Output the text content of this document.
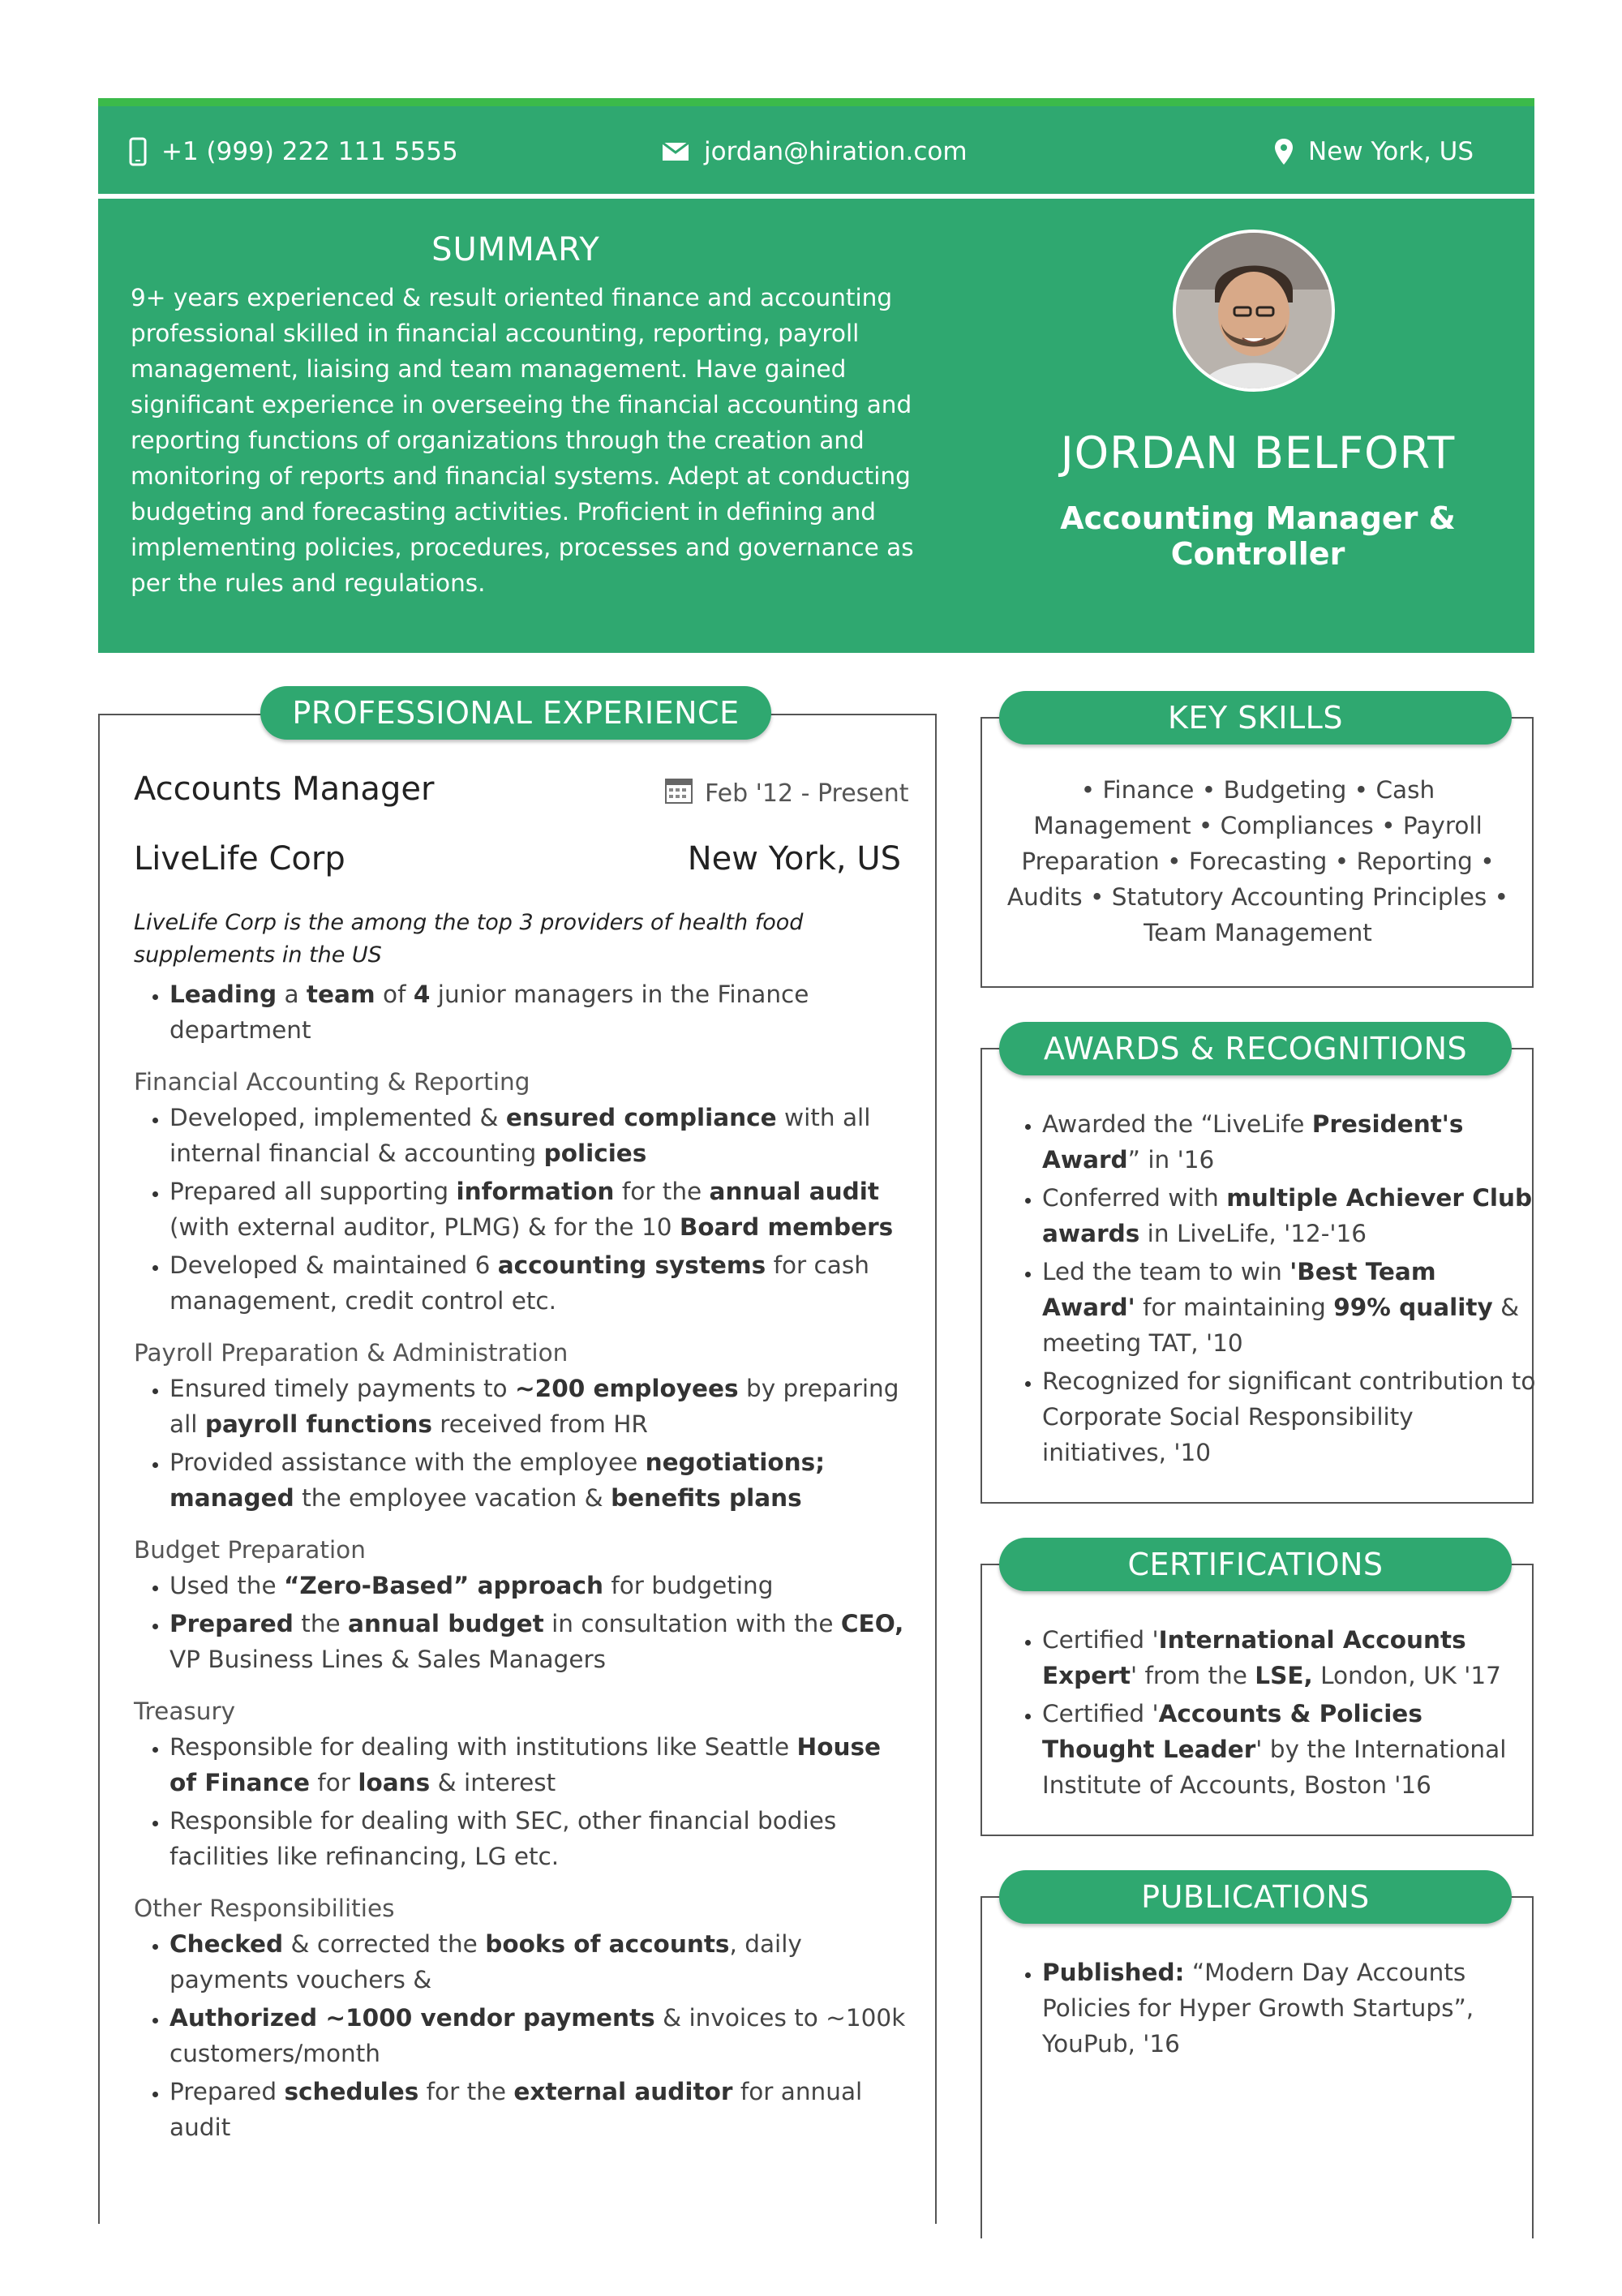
+1 (999) 222 111 5555	jordan@hiration.com	New York, US
SUMMARY
9+ years experienced & result oriented finance and accounting professional skilled in financial accounting, reporting, payroll management, liaising and team management. Have gained significant experience in overseeing the financial accounting and reporting functions of organizations through the creation and monitoring of reports and financial systems. Adept at conducting budgeting and forecasting activities. Proficient in defining and implementing policies, procedures, processes and governance as per the rules and regulations.
JORDAN BELFORT
Accounting Manager & Controller
Accounts Manager	Feb '12 - Present
LiveLife Corp	New York, US
LiveLife Corp is the among the top 3 providers of health food supplements in the US
• Leading a team of 4 junior managers in the Finance department
Financial Accounting & Reporting
• Developed, implemented & ensured compliance with all internal financial & accounting policies
• Prepared all supporting information for the annual audit (with external auditor, PLMG) & for the 10 Board members
• Developed & maintained 6 accounting systems for cash management, credit control etc.
Payroll Preparation & Administration
• Ensured timely payments to ~200 employees by preparing all payroll functions received from HR
• Provided assistance with the employee negotiations; managed the employee vacation & benefits plans
Budget Preparation
• Used the “Zero-Based” approach for budgeting
• Prepared the annual budget in consultation with the CEO, VP Business Lines & Sales Managers
Treasury
• Responsible for dealing with institutions like Seattle House of Finance for loans & interest
• Responsible for dealing with SEC, other financial bodies facilities like refinancing, LG etc.
Other Responsibilities
• Checked & corrected the books of accounts, daily payments vouchers &
• Authorized ~1000 vendor payments & invoices to ~100k customers/month
• Prepared schedules for the external auditor for annual audit
PROFESSIONAL EXPERIENCE
• Finance • Budgeting • Cash Management • Compliances • Payroll Preparation • Forecasting • Reporting • Audits • Statutory Accounting Principles • Team Management
KEY SKILLS
• Awarded the “LiveLife President's Award” in '16
• Conferred with multiple Achiever Club awards in LiveLife, '12-'16
• Led the team to win 'Best Team Award' for maintaining 99% quality & meeting TAT, '10
• Recognized for significant contribution to Corporate Social Responsibility initiatives, '10
AWARDS & RECOGNITIONS
• Certified 'International Accounts Expert' from the LSE, London, UK '17
• Certified 'Accounts & Policies Thought Leader' by the International Institute of Accounts, Boston '16
CERTIFICATIONS
• Published: “Modern Day Accounts Policies for Hyper Growth Startups”, YouPub, '16
PUBLICATIONS
